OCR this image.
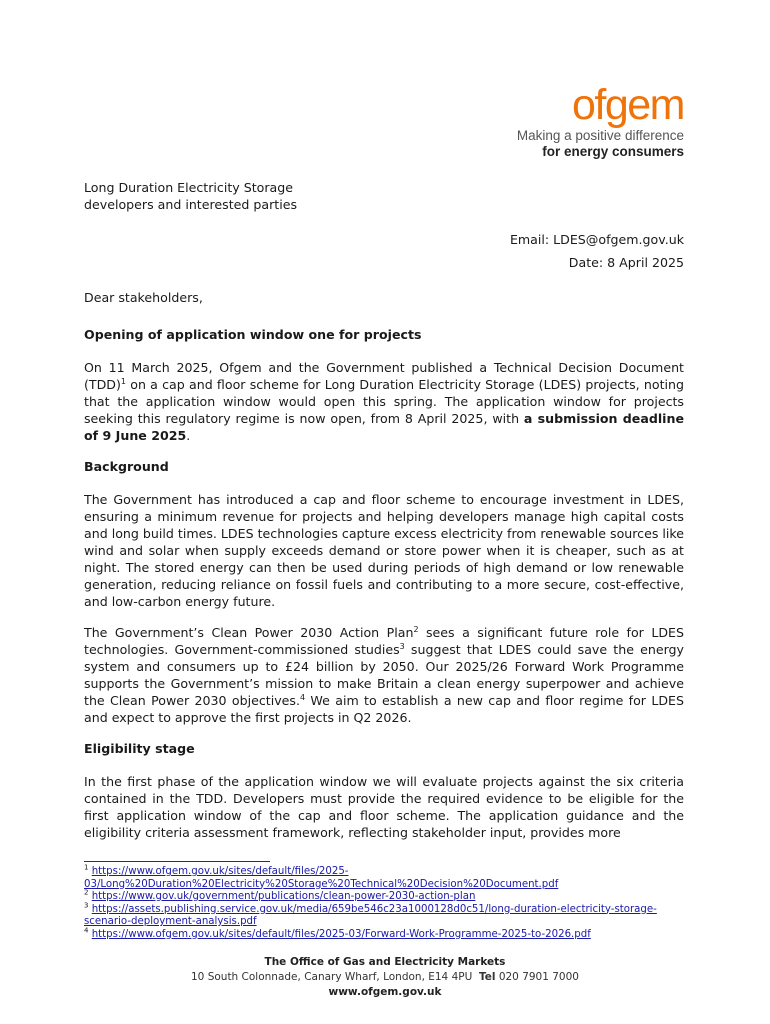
ofgem
Making a positive difference
for energy consumers
Long Duration Electricity Storage
developers and interested parties
Email: LDES@ofgem.gov.uk
Date: 8 April 2025
Dear stakeholders,
Opening of application window one for projects

On 11 March 2025, Ofgem and the Government published a Technical Decision Document (TDD)$^1$ on a cap and floor scheme for Long Duration Electricity Storage (LDES) projects, noting that the application window would open this spring. The application window for projects seeking this regulatory regime is now open, from 8 April 2025, with a submission deadline of 9 June 2025.

Background

The Government has introduced a cap and floor scheme to encourage investment in LDES, ensuring a minimum revenue for projects and helping developers manage high capital costs and long build times. LDES technologies capture excess electricity from renewable sources like wind and solar when supply exceeds demand or store power when it is cheaper, such as at night. The stored energy can then be used during periods of high demand or low renewable generation, reducing reliance on fossil fuels and contributing to a more secure, cost-effective, and low-carbon energy future.

The Government’s Clean Power 2030 Action Plan$^2$ sees a significant future role for LDES technologies. Government-commissioned studies$^3$ suggest that LDES could save the energy system and consumers up to £24 billion by 2050. Our 2025/26 Forward Work Programme supports the Government’s mission to make Britain a clean energy superpower and achieve the Clean Power 2030 objectives.$^4$ We aim to establish a new cap and floor regime for LDES and expect to approve the first projects in Q2 2026.

Eligibility stage

In the first phase of the application window we will evaluate projects against the six criteria contained in the TDD. Developers must provide the required evidence to be eligible for the first application window of the cap and floor scheme. The application guidance and the eligibility criteria assessment framework, reflecting stakeholder input, provides more

$^1$ https://www.ofgem.gov.uk/sites/default/files/2025-
03/Long%20Duration%20Electricity%20Storage%20Technical%20Decision%20Document.pdf
$^2$ https://www.gov.uk/government/publications/clean-power-2030-action-plan
$^3$ https://assets.publishing.service.gov.uk/media/659be546c23a1000128d0c51/long-duration-electricity-storage-
scenario-deployment-analysis.pdf
$^4$ https://www.ofgem.gov.uk/sites/default/files/2025-03/Forward-Work-Programme-2025-to-2026.pdf
The Office of Gas and Electricity Markets
10 South Colonnade, Canary Wharf, London, E14 4PU Tel 020 7901 7000
www.ofgem.gov.uk
